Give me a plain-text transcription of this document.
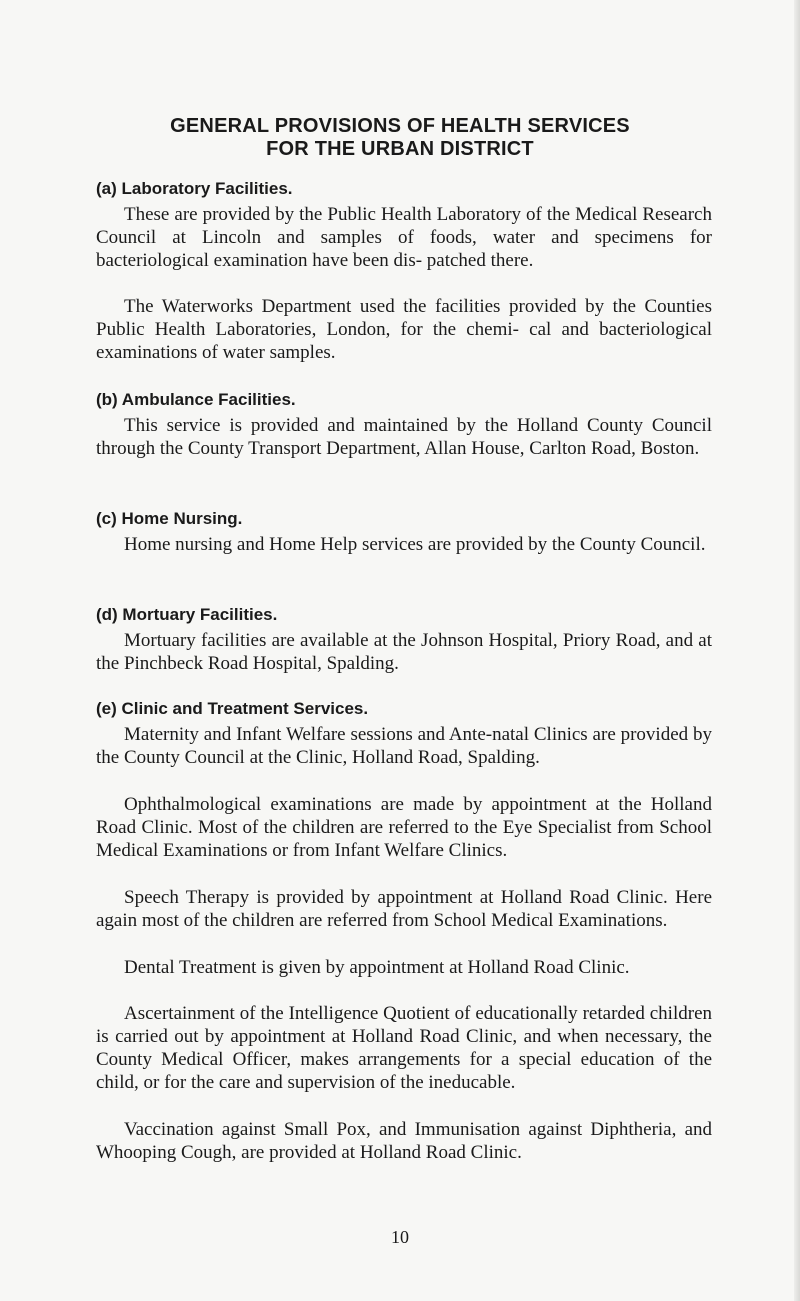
GENERAL PROVISIONS OF HEALTH SERVICES
FOR THE URBAN DISTRICT
(a) Laboratory Facilities.

These are provided by the Public Health Laboratory of the Medical Research Council at Lincoln and samples of foods, water and specimens for bacteriological examination have been dis- patched there.

The Waterworks Department used the facilities provided by the Counties Public Health Laboratories, London, for the chemi- cal and bacteriological examinations of water samples.

(b) Ambulance Facilities.

This service is provided and maintained by the Holland County Council through the County Transport Department, Allan House, Carlton Road, Boston.

(c) Home Nursing.

Home nursing and Home Help services are provided by the County Council.

(d) Mortuary Facilities.

Mortuary facilities are available at the Johnson Hospital, Priory Road, and at the Pinchbeck Road Hospital, Spalding.

(e) Clinic and Treatment Services.

Maternity and Infant Welfare sessions and Ante-natal Clinics are provided by the County Council at the Clinic, Holland Road, Spalding.

Ophthalmological examinations are made by appointment at the Holland Road Clinic. Most of the children are referred to the Eye Specialist from School Medical Examinations or from Infant Welfare Clinics.

Speech Therapy is provided by appointment at Holland Road Clinic. Here again most of the children are referred from School Medical Examinations.

Dental Treatment is given by appointment at Holland Road Clinic.

Ascertainment of the Intelligence Quotient of educationally retarded children is carried out by appointment at Holland Road Clinic, and when necessary, the County Medical Officer, makes arrangements for a special education of the child, or for the care and supervision of the ineducable.

Vaccination against Small Pox, and Immunisation against Diphtheria, and Whooping Cough, are provided at Holland Road Clinic.

10
